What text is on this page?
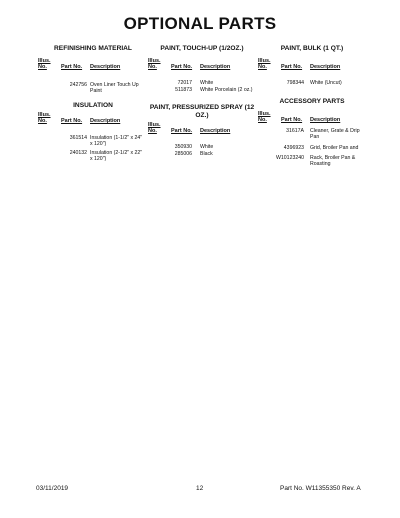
OPTIONAL PARTS
REFINISHING MATERIAL
Illus.
No.	Part No. Description
242756 Oven Liner Touch Up Paint
INSULATION
Illus.
No.	Part No. Description
361514 Insulation (1-1/2" x 24" x 120")
240132 Insulation (2-1/2" x 22" x 120")
PAINT, TOUCH-UP (1/2OZ.)
Illus.
No.	Part No. Description
72017 White
511873 White Porcelain (2 oz.)
PAINT, PRESSURIZED SPRAY (12 OZ.)
Illus.
No.	Part No. Description
350930 White
285006 Black
PAINT, BULK (1 QT.)
Illus.
No.	Part No. Description
798344 White (Uncut)
ACCESSORY PARTS
Illus.
No.	Part No. Description
31617A Cleaner, Grate & Drip Pan
4396923 Grid, Broiler Pan and
W10123240 Rack, Broiler Pan & Roasting
03/11/2019	12	Part No. W11355350 Rev. A
